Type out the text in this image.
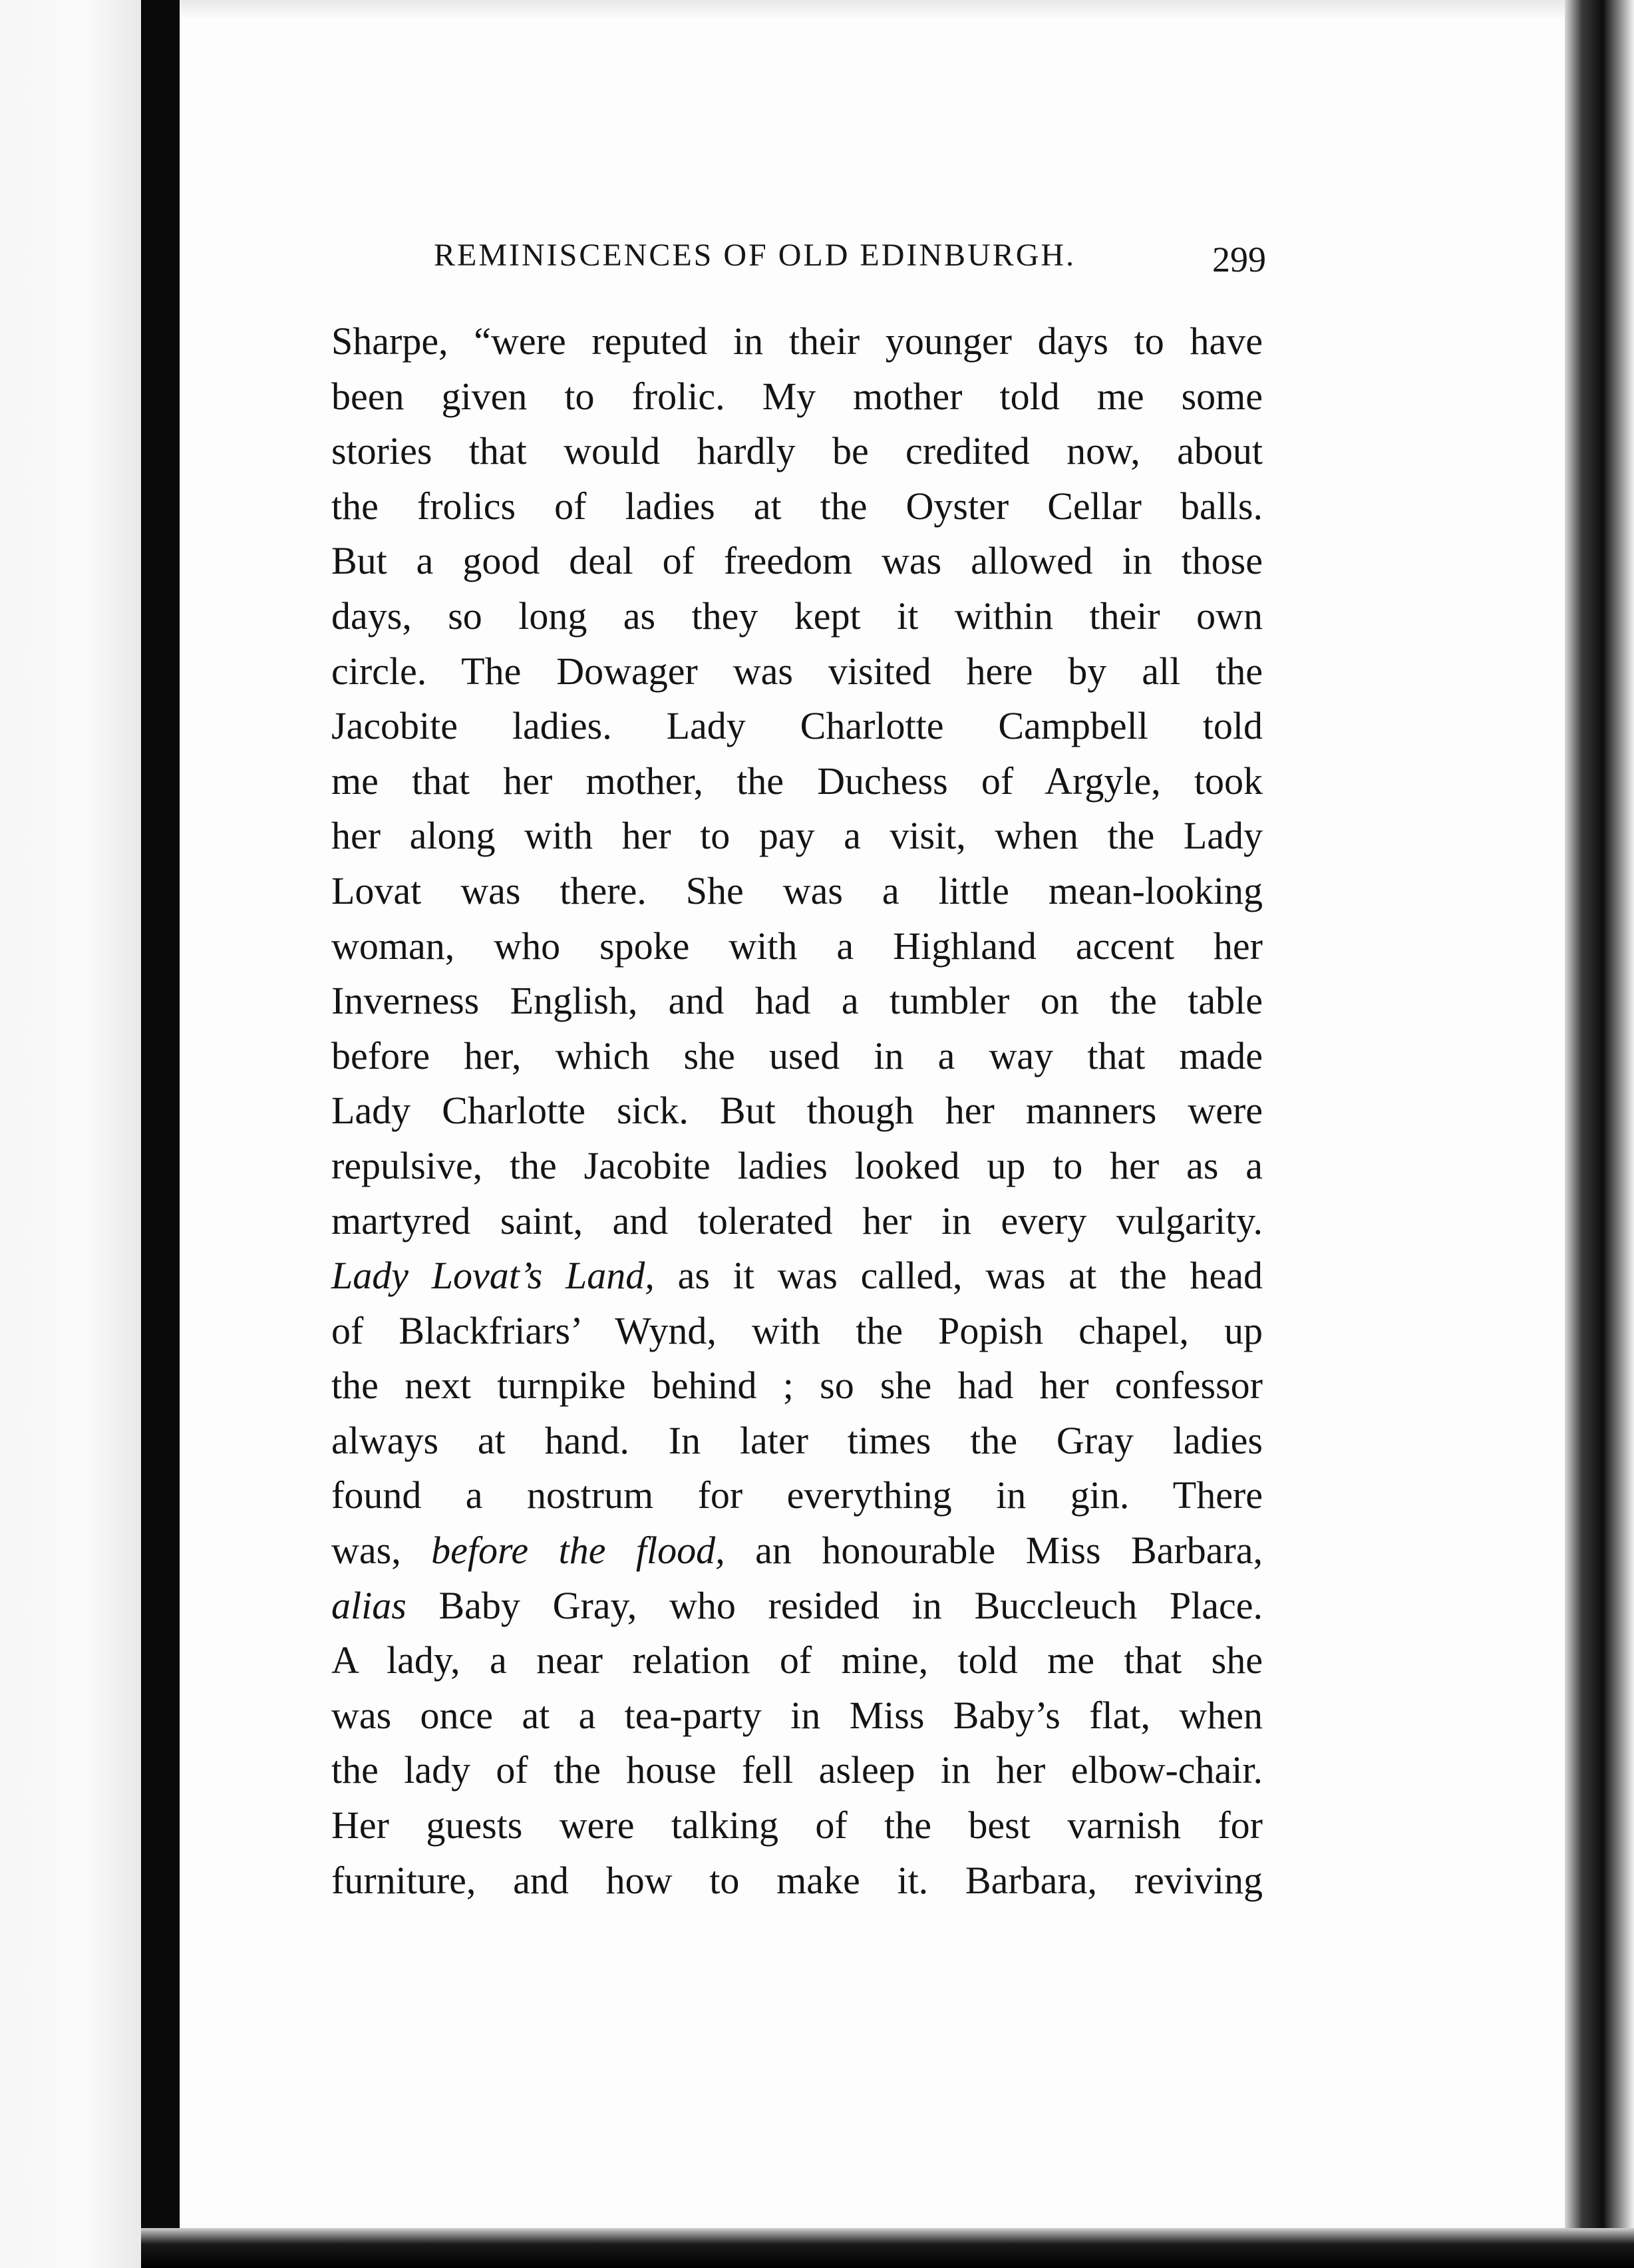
REMINISCENCES OF OLD EDINBURGH.	299
Sharpe, “were reputed in their younger days to have
been given to frolic. My mother told me some
stories that would hardly be credited now, about
the frolics of ladies at the Oyster Cellar balls.
But a good deal of freedom was allowed in those
days, so long as they kept it within their own
circle. The Dowager was visited here by all the
Jacobite ladies. Lady Charlotte Campbell told
me that her mother, the Duchess of Argyle, took
her along with her to pay a visit, when the Lady
Lovat was there. She was a little mean-looking
woman, who spoke with a Highland accent her
Inverness English, and had a tumbler on the table
before her, which she used in a way that made
Lady Charlotte sick. But though her manners were
repulsive, the Jacobite ladies looked up to her as a
martyred saint, and tolerated her in every vulgarity.
Lady Lovat’s Land, as it was called, was at the head
of Blackfriars’ Wynd, with the Popish chapel, up
the next turnpike behind ; so she had her confessor
always at hand. In later times the Gray ladies
found a nostrum for everything in gin. There
was, before the flood, an honourable Miss Barbara,
alias Baby Gray, who resided in Buccleuch Place.
A lady, a near relation of mine, told me that she
was once at a tea-party in Miss Baby’s flat, when
the lady of the house fell asleep in her elbow-chair.
Her guests were talking of the best varnish for
furniture, and how to make it. Barbara, reviving
